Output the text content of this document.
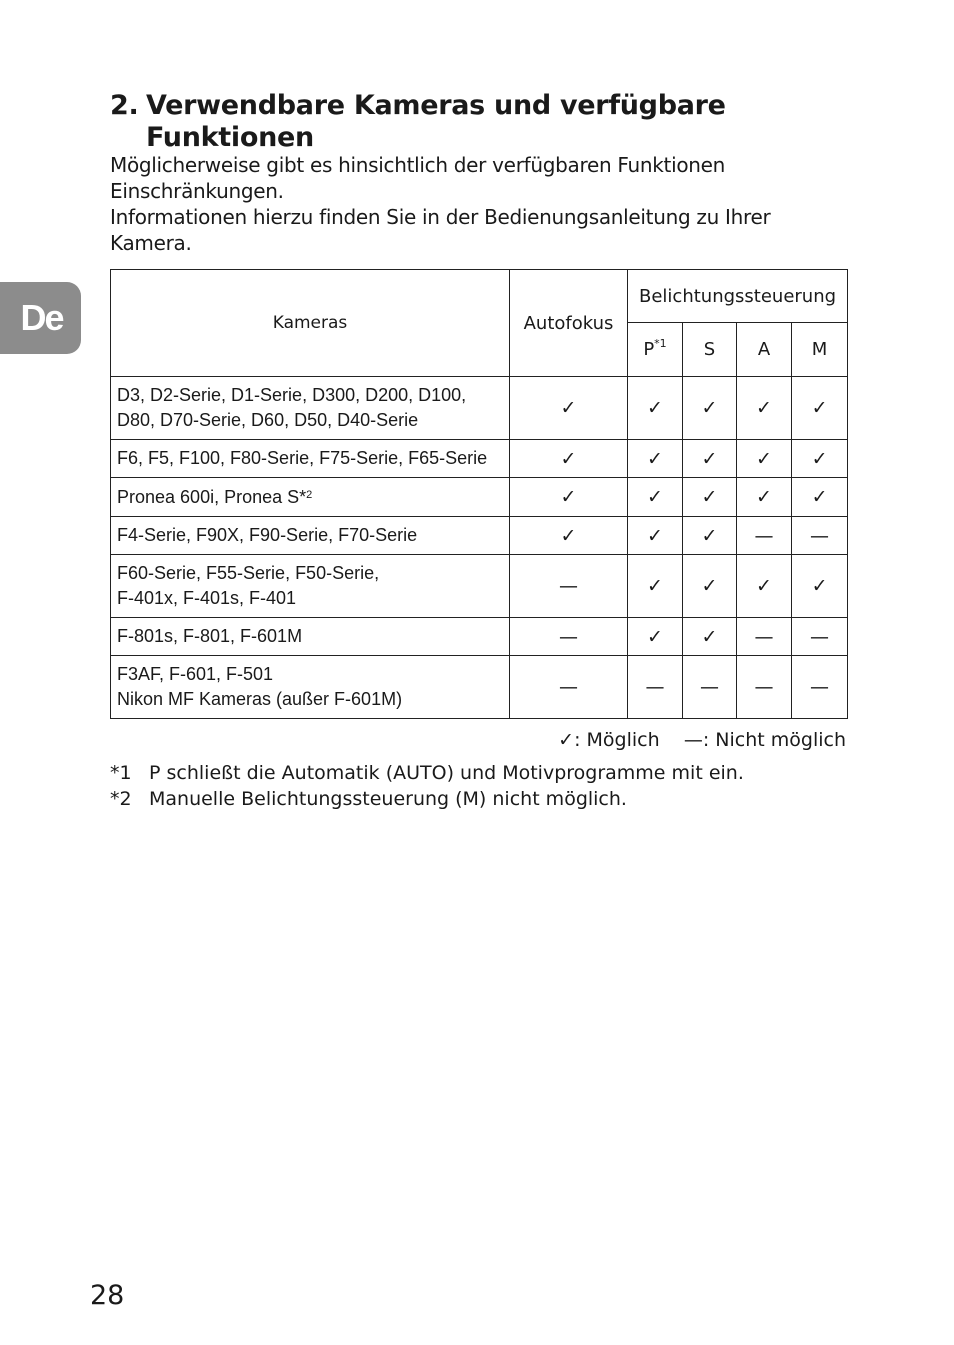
De
2. Verwendbare Kameras und verfügbare Funktionen

Möglicherweise gibt es hinsichtlich der verfügbaren Funktionen Einschränkungen.

Informationen hierzu finden Sie in der Bedienungsanleitung zu Ihrer Kamera.

Kameras	Autofokus	Belichtungssteuerung			
		$P^{*1}$	S	A	M
D3, D2-Serie, D1-Serie, D300, D200, D100,
D80, D70-Serie, D60, D50, D40-Serie	✓	✓	✓	✓	✓
F6, F5, F100, F80-Serie, F75-Serie, F65-Serie	✓	✓	✓	✓	✓
Pronea 600i, Pronea S*$^2$	✓	✓	✓	✓	✓
F4-Serie, F90X, F90-Serie, F70-Serie	✓	✓	✓	—	—
F60-Serie, F55-Serie, F50-Serie,
F-401x, F-401s, F-401	—	✓	✓	✓	✓
F-801s, F-801, F-601M	—	✓	✓	—	—
F3AF, F-601, F-501
Nikon MF Kameras (außer F-601M)	—	—	—	—	—
✓: Möglich —: Nicht möglich
*1 P schließt die Automatik (AUTO) und Motivprogramme mit ein.
*2 Manuelle Belichtungssteuerung (M) nicht möglich.
28
